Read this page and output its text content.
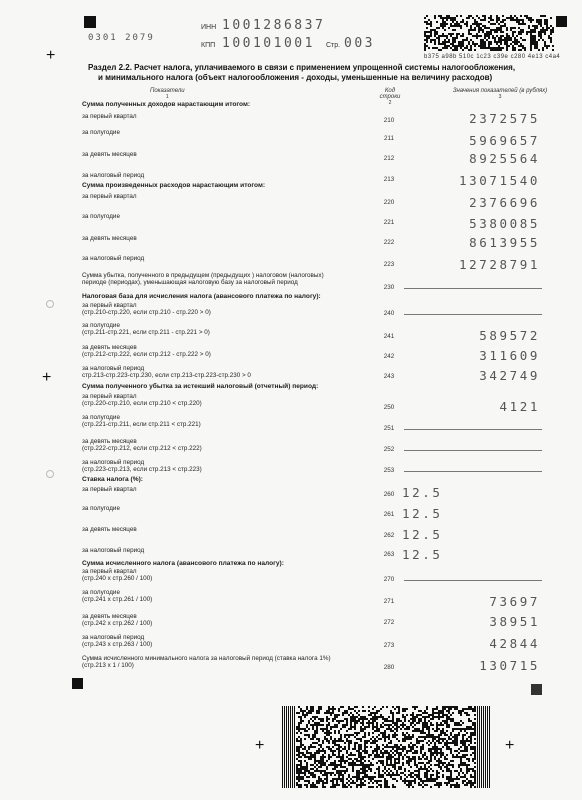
+
+
+	+
0301 2079
ИНН 1001286837
КПП 100101001 Стр. 003
b375 a98b 510c 1c23 c39e c280 4e13 c4a4
Раздел 2.2. Расчет налога, уплачиваемого в связи с применением упрощенной системы налогообложения,
и минимального налога (объект налогообложения - доходы, уменьшенные на величину расходов)
Показатели
1
Код строки
2
Значения показателей (в рублях)
3
Сумма полученных доходов нарастающим итогом:
за первый квартал
210	2372575
за полугодие
211	5969657
за девять месяцев
212	8925564
за налоговый период
213	13071540
Сумма произведенных расходов нарастающим итогом:
за первый квартал
220	2376696
за полугодие
221	5380085
за девять месяцев
222	8613955
за налоговый период
223	12728791
Сумма убытка, полученного в предыдущем (предыдущих ) налоговом (налоговых)
периоде (периодах), уменьшающая налоговую базу за налоговый период
230
Налоговая база для исчисления налога (авансового платежа по налогу):
за первый квартал
(стр.210-стр.220, если стр.210 - стр.220 > 0)	240
за полугодие
(стр.211-стр.221, если стр.211 - стр.221 > 0)
241	589572
за девять месяцев
(стр.212-стр.222, если стр.212 - стр.222 > 0)	242	311609
за налоговый период
стр.213-стр.223-стр.230, если стр.213-стр.223-стр.230 > 0	243	342749
Сумма полученного убытка за истекший налоговый (отчетный) период:
за первый квартал
(стр.220-стр.210, если стр.210 < стр.220)
250	4121
за полугодие
(стр.221-стр.211, если стр.211 < стр.221)
251
за девять месяцев
(стр.222-стр.212, если стр.212 < стр.222)	252
за налоговый период
(стр.223-стр.213, если стр.213 < стр.223)	253
Ставка налога (%):
за первый квартал
260 12.5
за полугодие
261 12.5
за девять месяцев
262 12.5
за налоговый период
263 12.5
Сумма исчисленного налога (авансового платежа по налогу):
за первый квартал
(стр.240 х стр.260 / 100)	270
за полугодие
(стр.241 х стр.261 / 100)	271	73697
за девять месяцев
(стр.242 х стр.262 / 100)	272	38951
за налоговый период
(стр.243 х стр.263 / 100)	273	42844
Сумма исчисленного минимального налога за налоговый период (ставка налога 1%)
(стр.213 х 1 / 100)	280	130715
